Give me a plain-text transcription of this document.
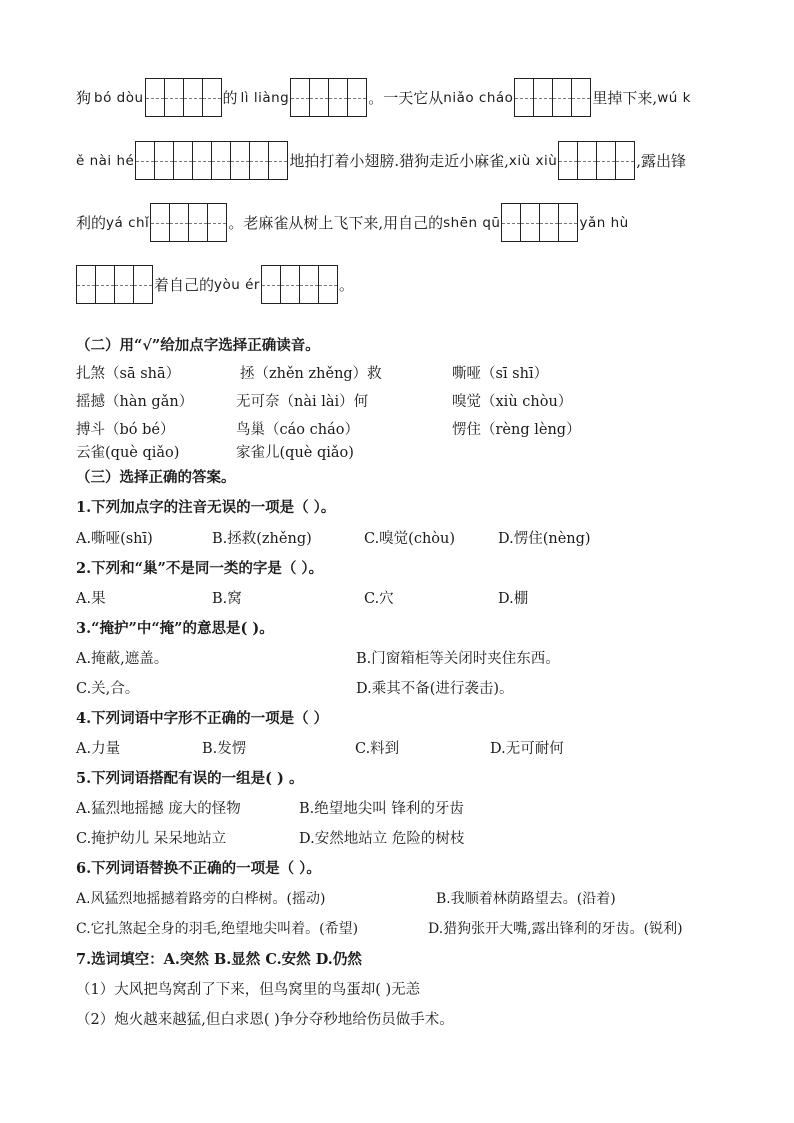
狗 bó dòu	的 lì liàng	。一天它从 niǎo cháo	里掉下来, wú k
ě nài hé	地拍打着小翅膀.猎狗走近小麻雀, xiù xiù	,露出锋
利的 yá chǐ	。老麻雀从树上飞下来,用自己的 shēn qū	yǎn hù
着自己的 yòu ér	。
（二）用“√”给加点字选择正确读音。
扎煞（sā shā）	拯（zhěn zhěng）救	嘶哑（sī shī）
摇撼（hàn gǎn）	无可奈（nài lài）何	嗅觉（xiù chòu）
搏斗（bó bé）	鸟巢（cáo cháo）	愣住（rèng lèng）
云雀(què qiǎo)	家雀儿(què qiǎo)
（三）选择正确的答案。
1.下列加点字的注音无误的一项是（ ）。
A.嘶哑(shī)	B.拯救(zhěng)	C.嗅觉(chòu)	D.愣住(nèng)
2.下列和“巢”不是同一类的字是（ ）。
A.果	B.窝	C.穴	D.棚
3.“掩护”中“掩”的意思是( )。
A.掩蔽,遮盖。	B.门窗箱柜等关闭时夹住东西。
C.关,合。	D.乘其不备(进行袭击)。
4.下列词语中字形不正确的一项是（ ）
A.力量	B.发愣	C.料到	D.无可耐何
5.下列词语搭配有误的一组是( ) 。
A.猛烈地摇撼 庞大的怪物	B.绝望地尖叫 锋利的牙齿
C.掩护幼儿 呆呆地站立	D.安然地站立 危险的树枝
6.下列词语替换不正确的一项是（ ）。
A.风猛烈地摇撼着路旁的白桦树。(摇动)	B.我顺着林荫路望去。(沿着)
C.它扎煞起全身的羽毛,绝望地尖叫着。(希望)	D.猎狗张开大嘴,露出锋利的牙齿。(锐利)
7.选词填空：A.突然 B.显然 C.安然 D.仍然
（1）大风把鸟窝刮了下来，但鸟窝里的鸟蛋却( )无恙
（2）炮火越来越猛,但白求恩( )争分夺秒地给伤员做手术。
